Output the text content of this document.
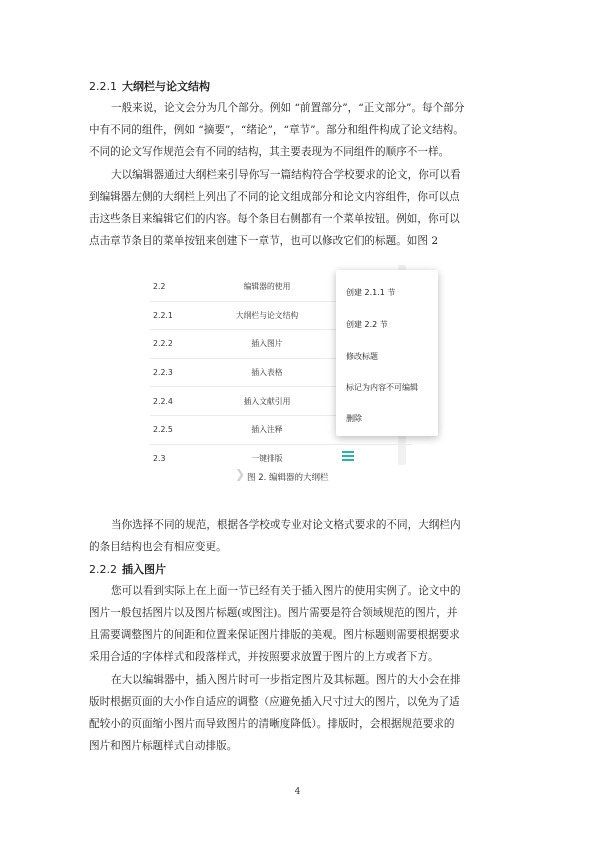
2.2.1 大纲栏与论文结构
一般来说，论文会分为几个部分。例如 “前置部分”，“正文部分”。每个部分
中有不同的组件，例如 “摘要”，“绪论”，“章节”。部分和组件构成了论文结构。
不同的论文写作规范会有不同的结构，其主要表现为不同组件的顺序不一样。
大以编辑器通过大纲栏来引导你写一篇结构符合学校要求的论文，你可以看
到编辑器左侧的大纲栏上列出了不同的论文组成部分和论文内容组件，你可以点
击这些条目来编辑它们的内容。每个条目右侧都有一个菜单按钮。例如，你可以
点击章节条目的菜单按钮来创建下一章节，也可以修改它们的标题。如图 2
2.2	编辑器的使用
2.2.1	大纲栏与论文结构
2.2.2	插入图片
2.2.3	插入表格
2.2.4	插入文献引用
2.2.5	插入注释
2.3	一键排版
创建 2.1.1 节
创建 2.2 节
修改标题
标记为内容不可编辑
删除
❯ 图 2. 编辑器的大纲栏
当你选择不同的规范，根据各学校或专业对论文格式要求的不同，大纲栏内
的条目结构也会有相应变更。
2.2.2 插入图片
您可以看到实际上在上面一节已经有关于插入图片的使用实例了。论文中的
图片一般包括图片以及图片标题(或图注)。图片需要是符合领域规范的图片，并
且需要调整图片的间距和位置来保证图片排版的美观。图片标题则需要根据要求
采用合适的字体样式和段落样式，并按照要求放置于图片的上方或者下方。
在大以编辑器中，插入图片时可一步指定图片及其标题。图片的大小会在排
版时根据页面的大小作自适应的调整（应避免插入尺寸过大的图片，以免为了适
配较小的页面缩小图片而导致图片的清晰度降低）。排版时，会根据规范要求的
图片和图片标题样式自动排版。
4
